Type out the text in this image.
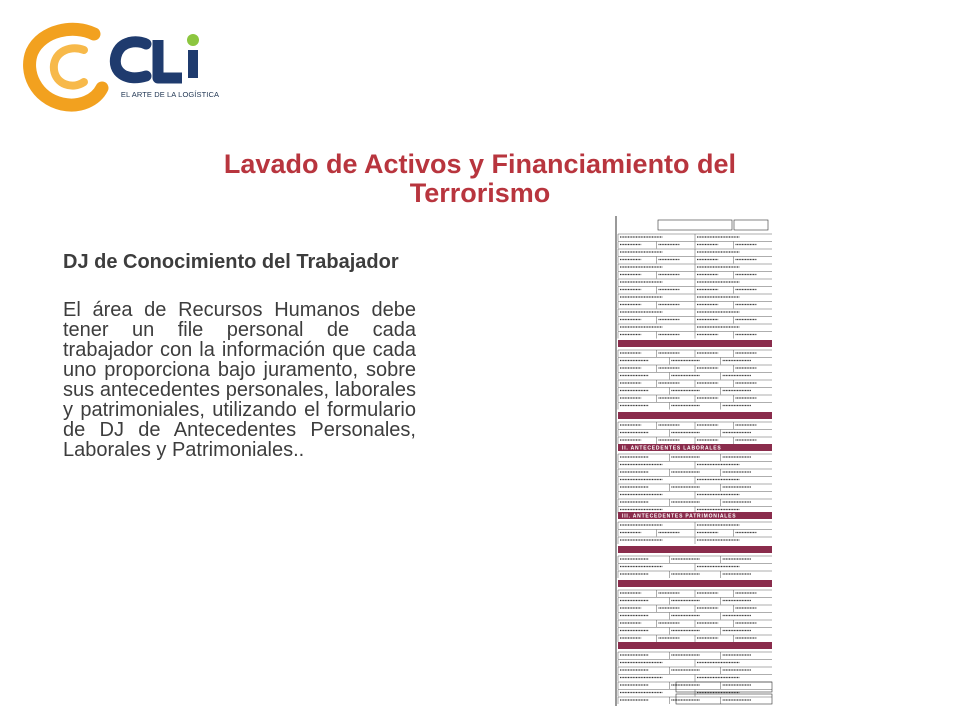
EL ARTE DE LA LOGÍSTICA
Lavado de Activos y Financiamiento del Terrorismo

DJ de Conocimiento del Trabajador

El área de Recursos Humanos debe tener un file personal de cada trabajador con la información que cada uno proporciona bajo juramento, sobre sus antecedentes personales, laborales y patrimoniales, utilizando el formulario de DJ de Antecedentes Personales, Laborales y Patrimoniales..	II. ANTECEDENTES LABORALES
III. ANTECEDENTES PATRIMONIALES
